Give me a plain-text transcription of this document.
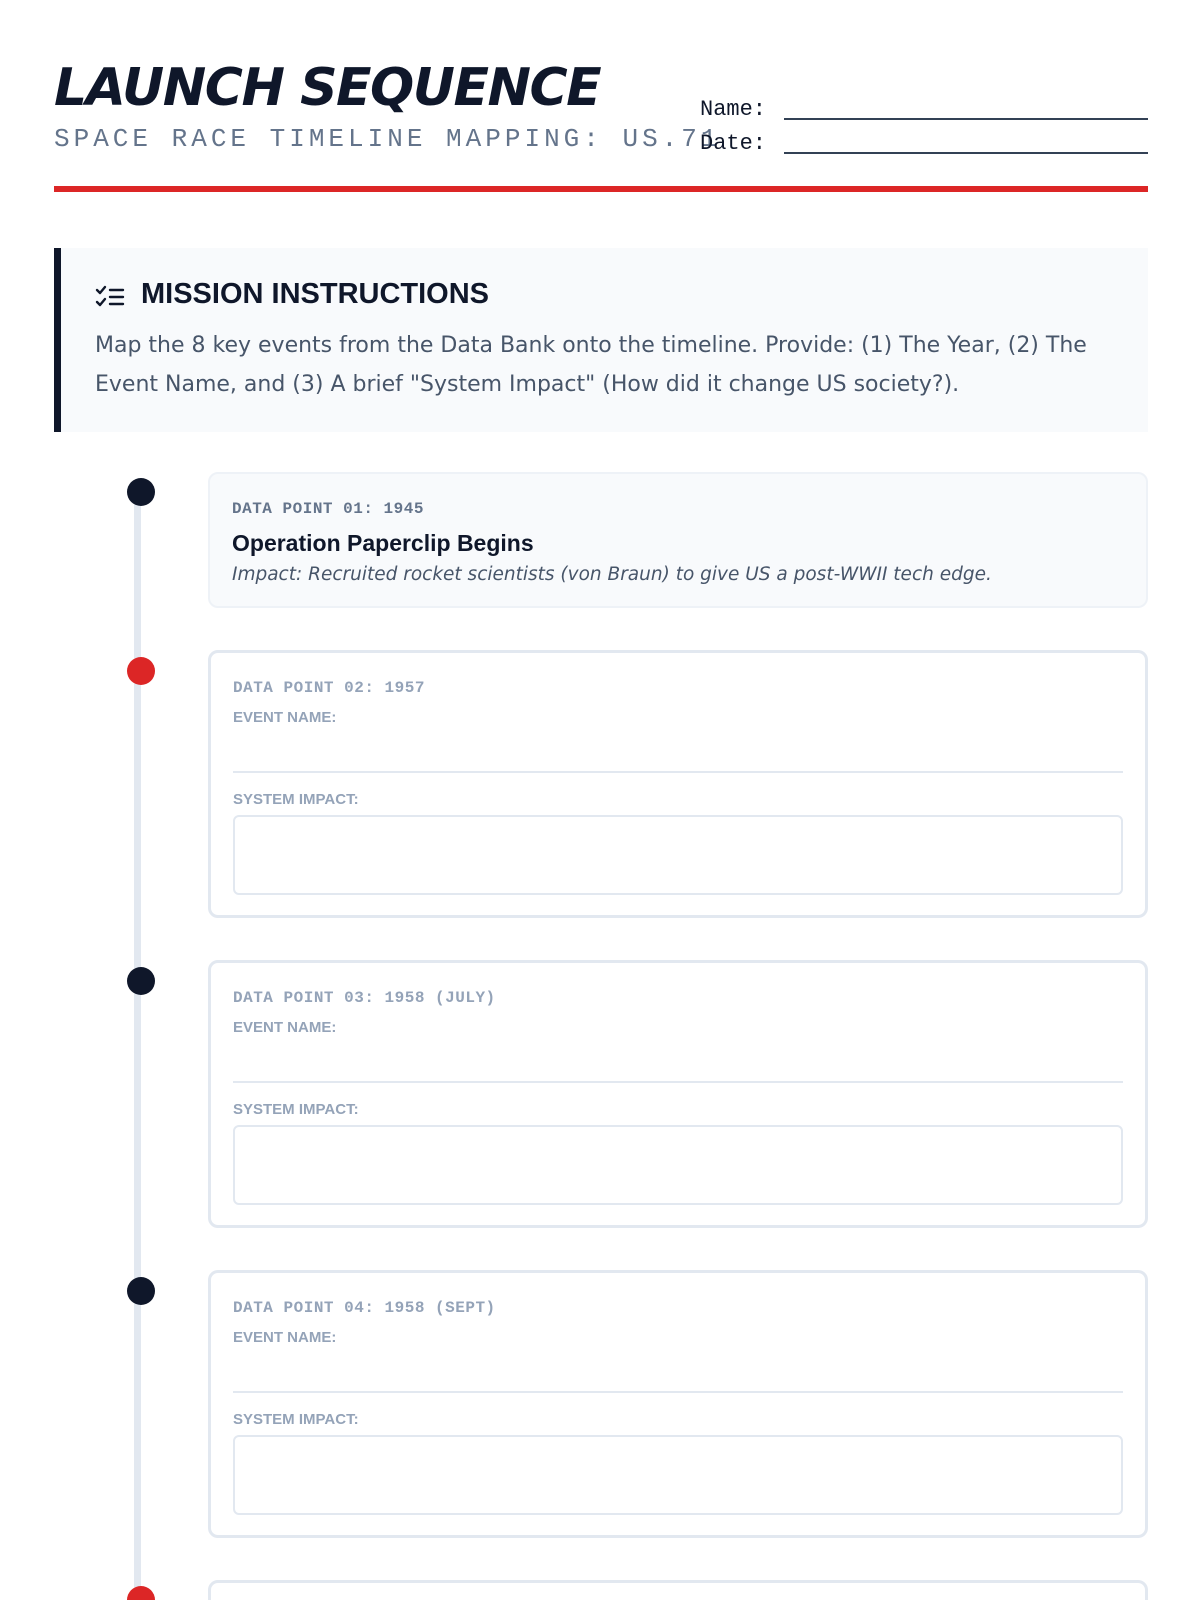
LAUNCH SEQUENCE
SPACE RACE TIMELINE MAPPING: US.71
Name:
Date:
MISSION INSTRUCTIONS
Map the 8 key events from the Data Bank onto the timeline. Provide: (1) The Year, (2) The Event Name, and (3) A brief "System Impact" (How did it change US society?).
DATA POINT 01: 1945
Operation Paperclip Begins
Impact: Recruited rocket scientists (von Braun) to give US a post-WWII tech edge.
DATA POINT 02: 1957
EVENT NAME:
SYSTEM IMPACT:
DATA POINT 03: 1958 (JULY)
EVENT NAME:
SYSTEM IMPACT:
DATA POINT 04: 1958 (SEPT)
EVENT NAME:
SYSTEM IMPACT:
